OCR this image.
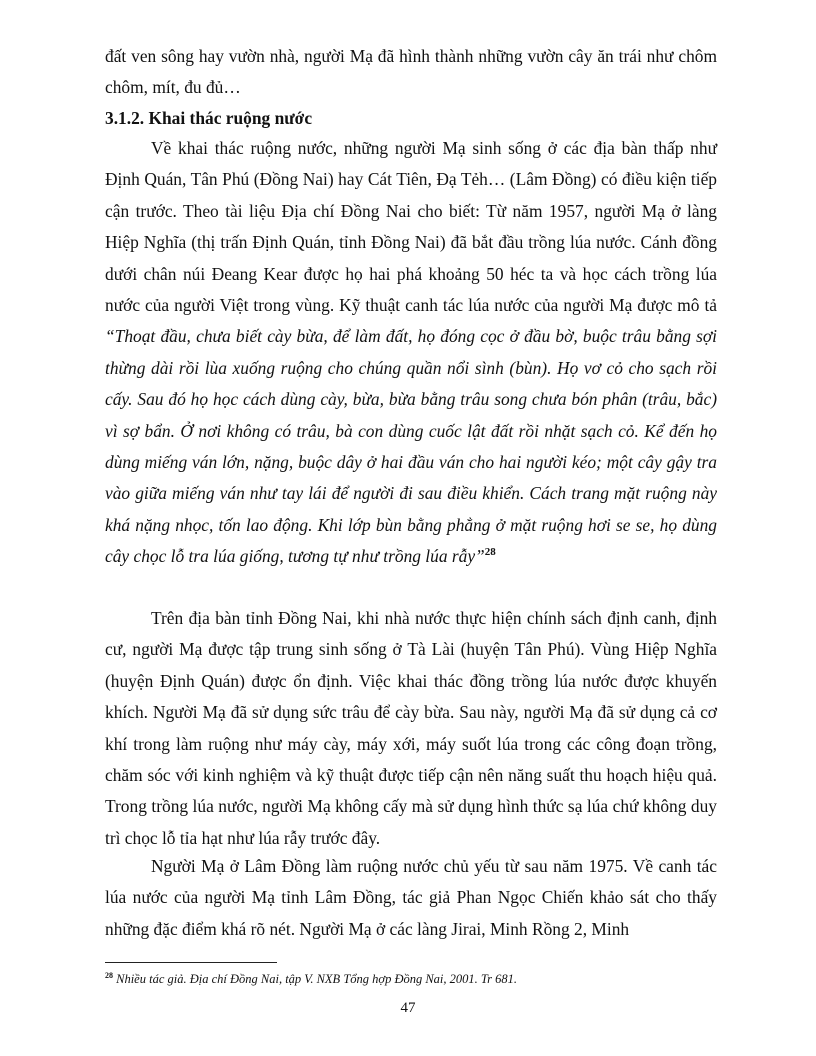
đất ven sông hay vườn nhà, người Mạ đã hình thành những vườn cây ăn trái như chôm chôm, mít, đu đủ…

3.1.2. Khai thác ruộng nước

Về khai thác ruộng nước, những người Mạ sinh sống ở các địa bàn thấp như Định Quán, Tân Phú (Đồng Nai) hay Cát Tiên, Đạ Tẻh… (Lâm Đồng) có điều kiện tiếp cận trước. Theo tài liệu Địa chí Đồng Nai cho biết: Từ năm 1957, người Mạ ở làng Hiệp Nghĩa (thị trấn Định Quán, tỉnh Đồng Nai) đã bắt đầu trồng lúa nước. Cánh đồng dưới chân núi Đeang Kear được họ hai phá khoảng 50 héc ta và học cách trồng lúa nước của người Việt trong vùng. Kỹ thuật canh tác lúa nước của người Mạ được mô tả “Thoạt đầu, chưa biết cày bừa, để làm đất, họ đóng cọc ở đầu bờ, buộc trâu bằng sợi thừng dài rồi lùa xuống ruộng cho chúng quần nổi sình (bùn). Họ vơ cỏ cho sạch rồi cấy. Sau đó họ học cách dùng cày, bừa, bừa bằng trâu song chưa bón phân (trâu, bắc) vì sợ bẩn. Ở nơi không có trâu, bà con dùng cuốc lật đất rồi nhặt sạch cỏ. Kể đến họ dùng miếng ván lớn, nặng, buộc dây ở hai đầu ván cho hai người kéo; một cây gậy tra vào giữa miếng ván như tay lái để người đi sau điều khiển. Cách trang mặt ruộng này khá nặng nhọc, tốn lao động. Khi lớp bùn bằng phẳng ở mặt ruộng hơi se se, họ dùng cây chọc lỗ tra lúa giống, tương tự như trồng lúa rẫy”$^{28}$

Trên địa bàn tỉnh Đồng Nai, khi nhà nước thực hiện chính sách định canh, định cư, người Mạ được tập trung sinh sống ở Tà Lài (huyện Tân Phú). Vùng Hiệp Nghĩa (huyện Định Quán) được ổn định. Việc khai thác đồng trồng lúa nước được khuyến khích. Người Mạ đã sử dụng sức trâu để cày bừa. Sau này, người Mạ đã sử dụng cả cơ khí trong làm ruộng như máy cày, máy xới, máy suốt lúa trong các công đoạn trồng, chăm sóc với kinh nghiệm và kỹ thuật được tiếp cận nên năng suất thu hoạch hiệu quả. Trong trồng lúa nước, người Mạ không cấy mà sử dụng hình thức sạ lúa chứ không duy trì chọc lỗ tỉa hạt như lúa rẫy trước đây.

Người Mạ ở Lâm Đồng làm ruộng nước chủ yếu từ sau năm 1975. Về canh tác lúa nước của người Mạ tỉnh Lâm Đồng, tác giả Phan Ngọc Chiến khảo sát cho thấy những đặc điểm khá rõ nét. Người Mạ ở các làng Jirai, Minh Rồng 2, Minh

$^{28}$ Nhiều tác giả. Địa chí Đồng Nai, tập V. NXB Tổng hợp Đồng Nai, 2001. Tr 681.
47
